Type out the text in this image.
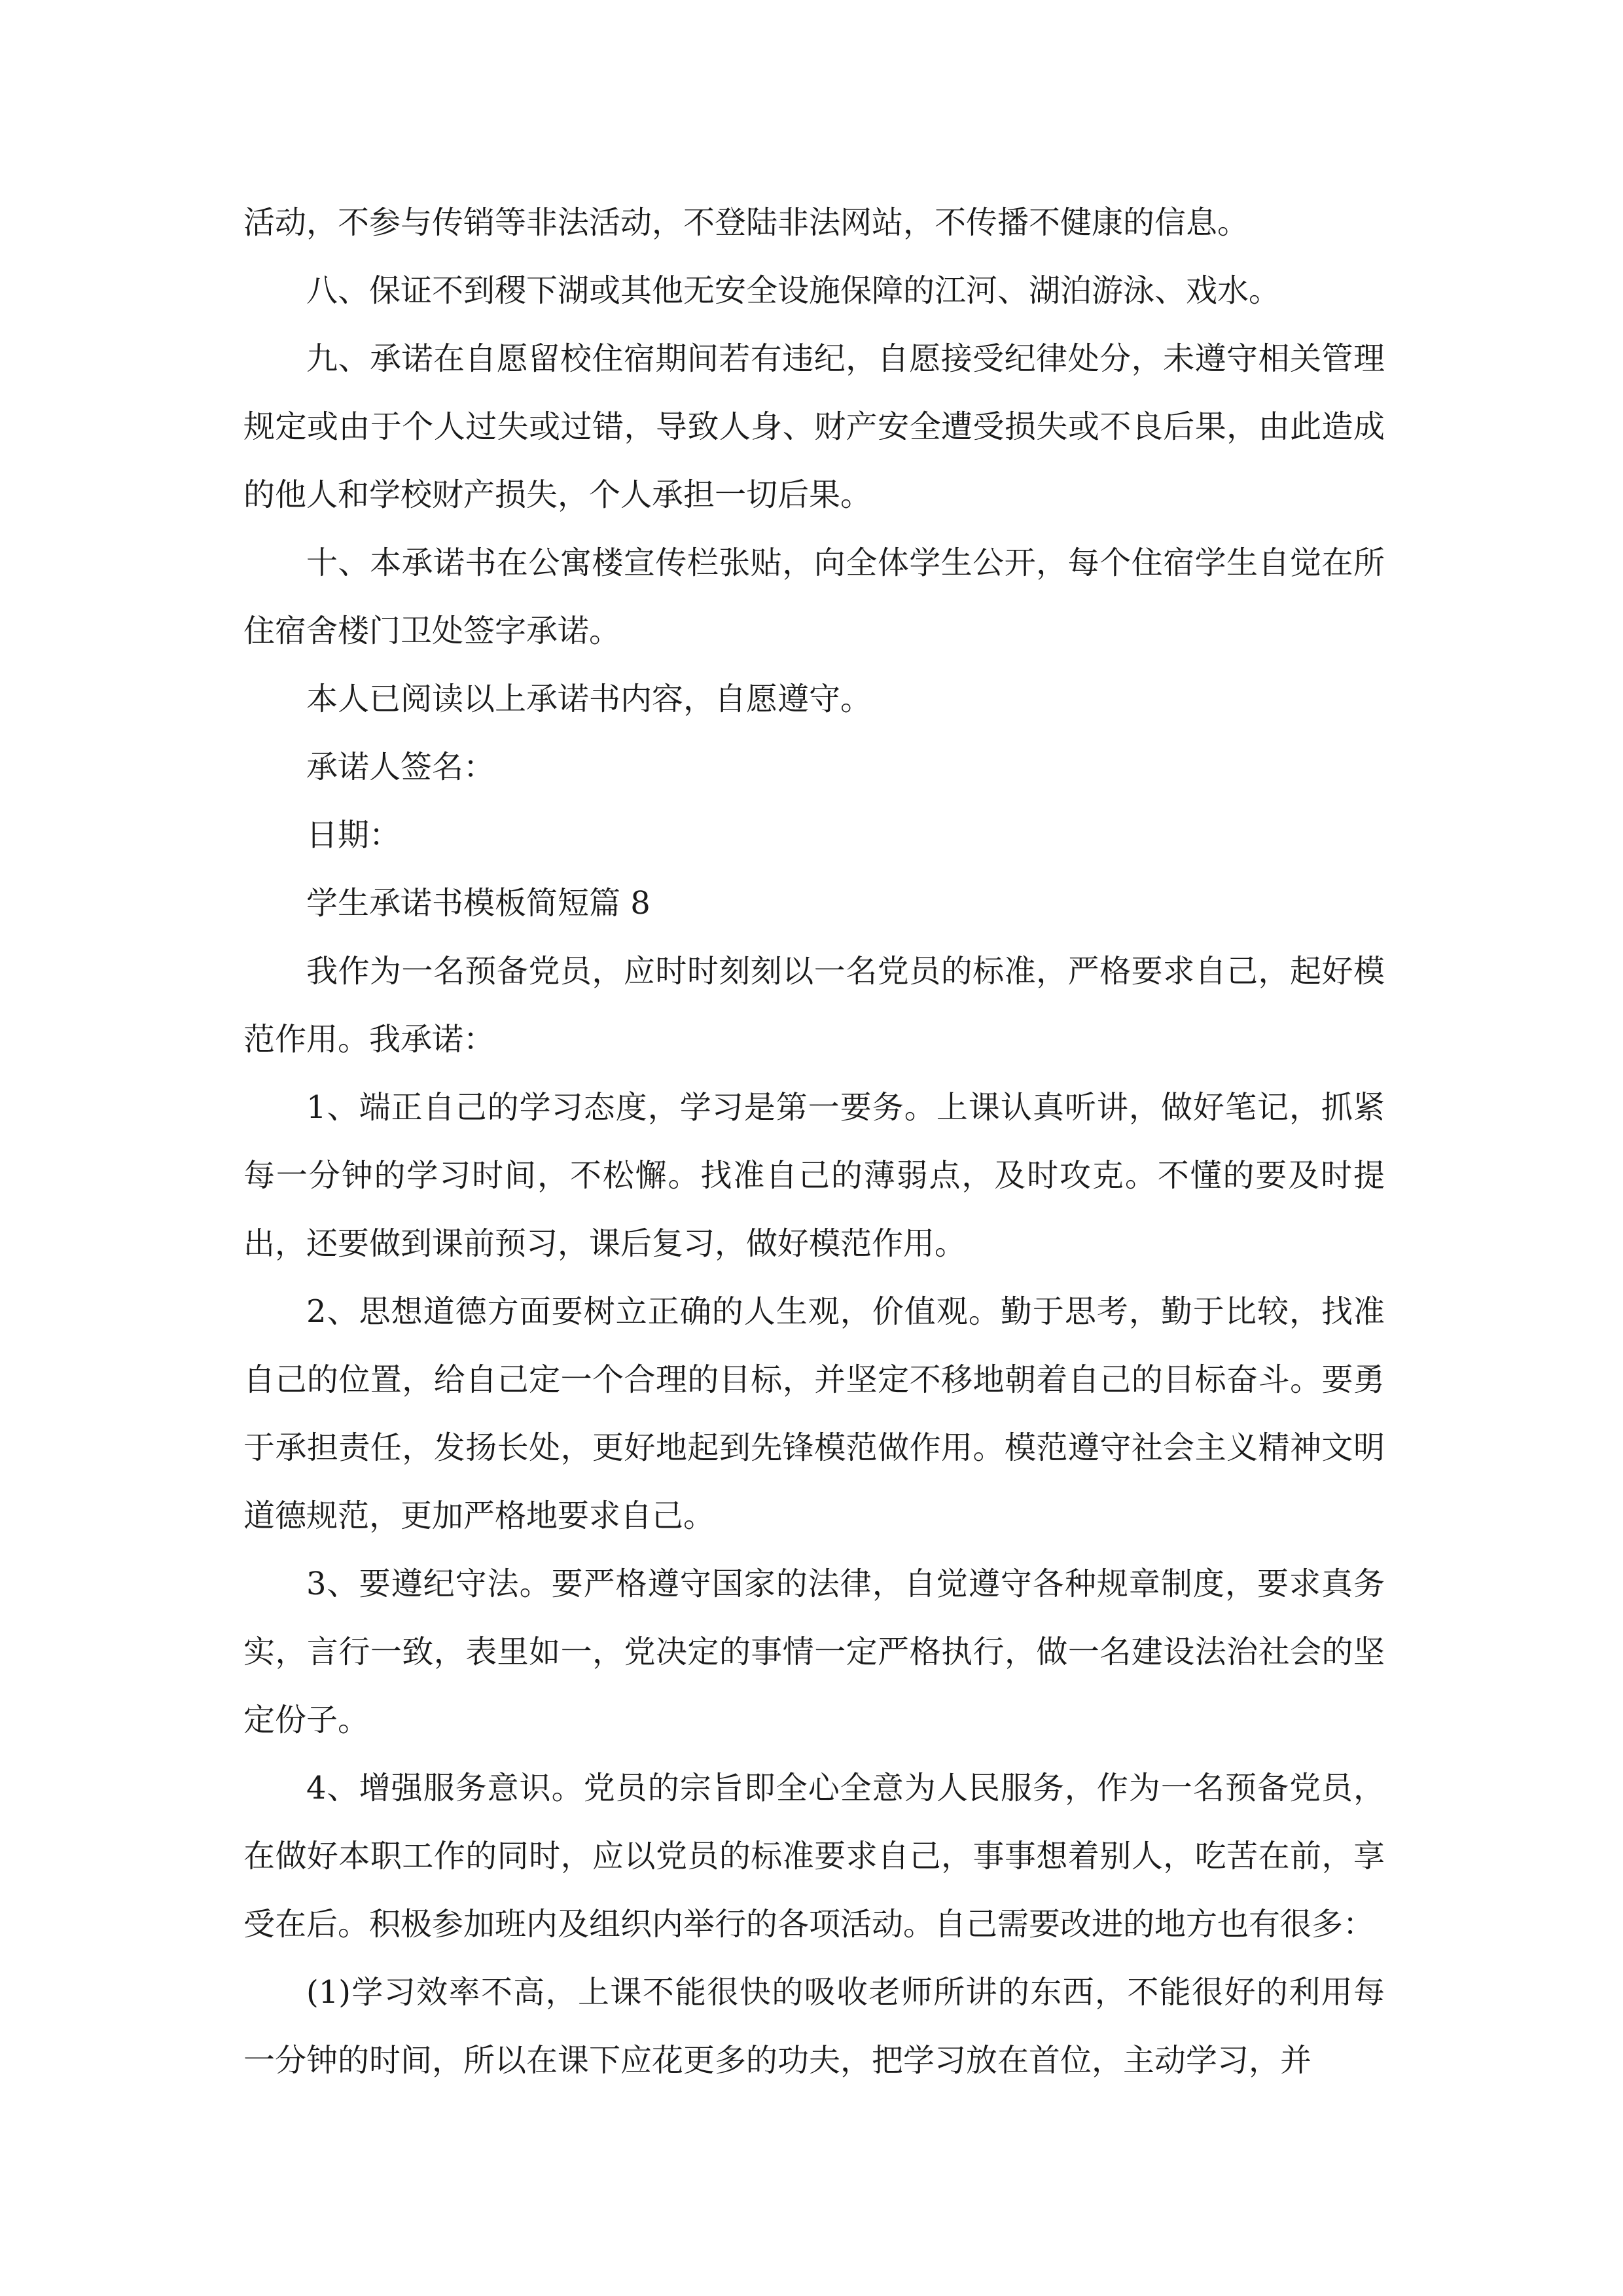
活动，不参与传销等非法活动，不登陆非法网站，不传播不健康的信息。

八、保证不到稷下湖或其他无安全设施保障的江河、湖泊游泳、戏水。

九、承诺在自愿留校住宿期间若有违纪，自愿接受纪律处分，未遵守相关管理规定或由于个人过失或过错，导致人身、财产安全遭受损失或不良后果，由此造成的他人和学校财产损失，个人承担一切后果。

十、本承诺书在公寓楼宣传栏张贴，向全体学生公开，每个住宿学生自觉在所住宿舍楼门卫处签字承诺。

本人已阅读以上承诺书内容，自愿遵守。

承诺人签名：

日期：

学生承诺书模板简短篇 8

我作为一名预备党员，应时时刻刻以一名党员的标准，严格要求自己，起好模范作用。我承诺：

1、端正自己的学习态度，学习是第一要务。上课认真听讲，做好笔记，抓紧每一分钟的学习时间，不松懈。找准自己的薄弱点，及时攻克。不懂的要及时提出，还要做到课前预习，课后复习，做好模范作用。

2、思想道德方面要树立正确的人生观，价值观。勤于思考，勤于比较，找准自己的位置，给自己定一个合理的目标，并坚定不移地朝着自己的目标奋斗。要勇于承担责任，发扬长处，更好地起到先锋模范做作用。模范遵守社会主义精神文明道德规范，更加严格地要求自己。

3、要遵纪守法。要严格遵守国家的法律，自觉遵守各种规章制度，要求真务实，言行一致，表里如一，党决定的事情一定严格执行，做一名建设法治社会的坚定份子。

4、增强服务意识。党员的宗旨即全心全意为人民服务，作为一名预备党员，在做好本职工作的同时，应以党员的标准要求自己，事事想着别人，吃苦在前，享受在后。积极参加班内及组织内举行的各项活动。自己需要改进的地方也有很多：

(1)学习效率不高，上课不能很快的吸收老师所讲的东西，不能很好的利用每一分钟的时间，所以在课下应花更多的功夫，把学习放在首位，主动学习，并
